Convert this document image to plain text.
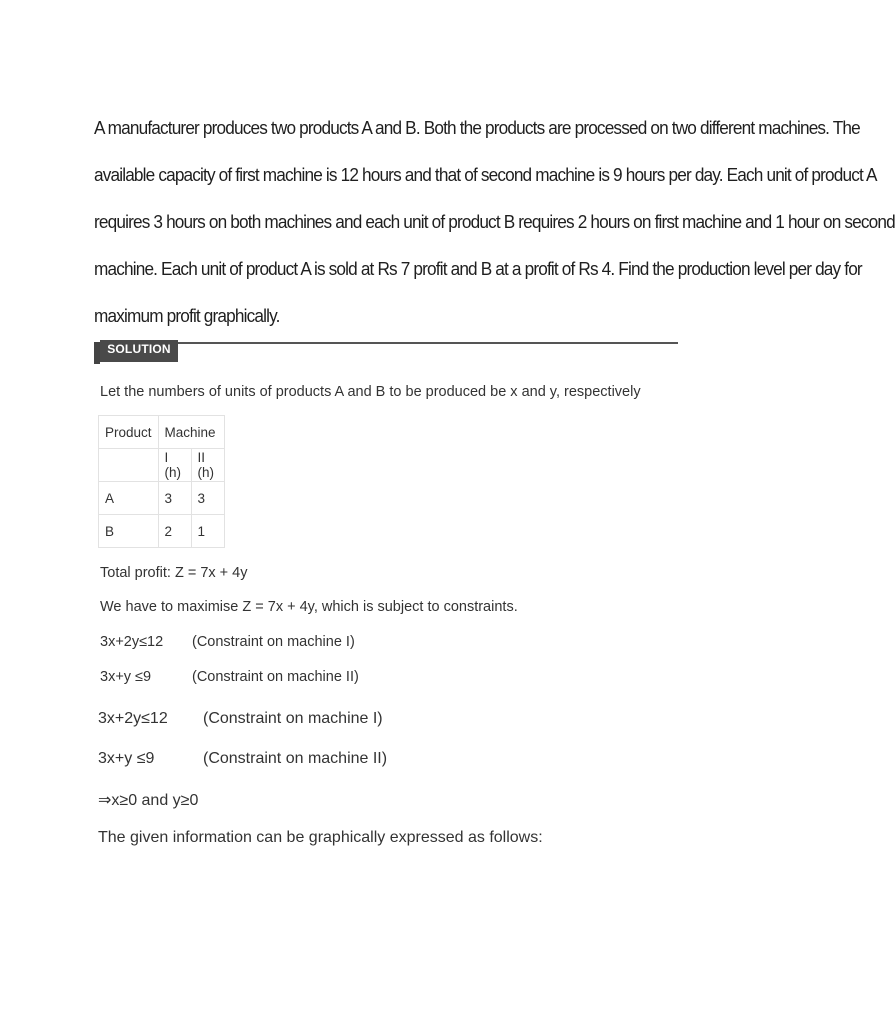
A manufacturer produces two products A and B. Both the products are processed on two different machines. The
available capacity of first machine is 12 hours and that of second machine is 9 hours per day. Each unit of product A
requires 3 hours on both machines and each unit of product B requires 2 hours on first machine and 1 hour on second
machine. Each unit of product A is sold at Rs 7 profit and B at a profit of Rs 4. Find the production level per day for
maximum profit graphically.
SOLUTION
Let the numbers of units of products A and B to be produced be x and y, respectively
Product	Machine	
	I (h)	II (h)
A	3	3
B	2	1
Total profit: Z = 7x + 4y
We have to maximise Z = 7x + 4y, which is subject to constraints.
3x+2y≤12 (Constraint on machine I)
3x+y ≤9	(Constraint on machine II)
3x+2y≤12 (Constraint on machine I)
3x+y ≤9	(Constraint on machine II)
⇒x≥0 and y≥0
The given information can be graphically expressed as follows:
